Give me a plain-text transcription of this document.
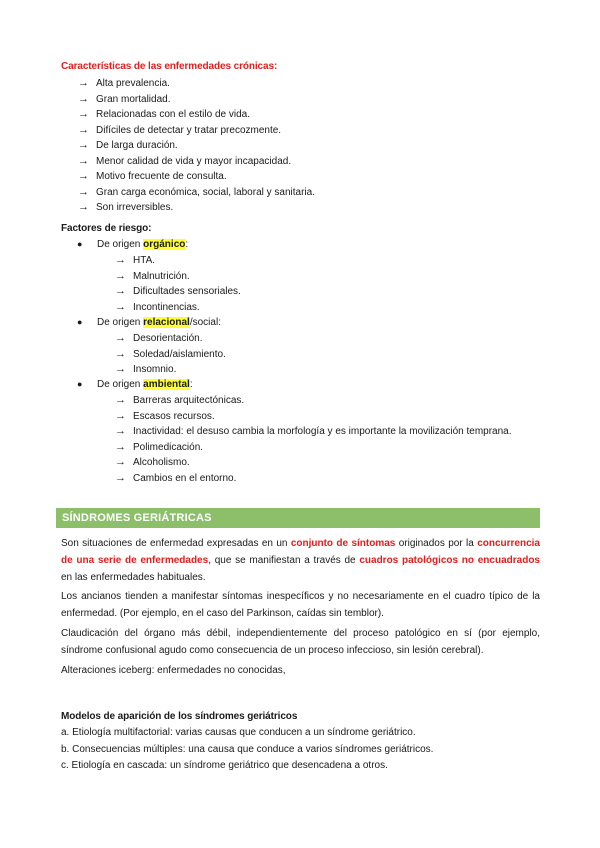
Características de las enfermedades crónicas:
→ Alta prevalencia.
→ Gran mortalidad.
→ Relacionadas con el estilo de vida.
→ Difíciles de detectar y tratar precozmente.
→ De larga duración.
→ Menor calidad de vida y mayor incapacidad.
→ Motivo frecuente de consulta.
→ Gran carga económica, social, laboral y sanitaria.
→ Son irreversibles.
Factores de riesgo:
● De origen orgánico:
→ HTA.
→ Malnutrición.
→ Dificultades sensoriales.
→ Incontinencias.
● De origen relacional/social:
→ Desorientación.
→ Soledad/aislamiento.
→ Insomnio.
● De origen ambiental:
→ Barreras arquitectónicas.
→ Escasos recursos.
→ Inactividad: el desuso cambia la morfología y es importante la movilización temprana.
→ Polimedicación.
→ Alcoholismo.
→ Cambios en el entorno.
SÍNDROMES GERIÁTRICAS

Son situaciones de enfermedad expresadas en un conjunto de síntomas originados por la concurrencia de una serie de enfermedades, que se manifiestan a través de cuadros patológicos no encuadrados en las enfermedades habituales.

Los ancianos tienden a manifestar síntomas inespecíficos y no necesariamente en el cuadro típico de la enfermedad. (Por ejemplo, en el caso del Parkinson, caídas sin temblor).

Claudicación del órgano más débil, independientemente del proceso patológico en sí (por ejemplo, síndrome confusional agudo como consecuencia de un proceso infeccioso, sin lesión cerebral).

Alteraciones iceberg: enfermedades no conocidas,

Modelos de aparición de los síndromes geriátricos
a. Etiología multifactorial: varias causas que conducen a un síndrome geriátrico.
b. Consecuencias múltiples: una causa que conduce a varios síndromes geriátricos.
c. Etiología en cascada: un síndrome geriátrico que desencadena a otros.
